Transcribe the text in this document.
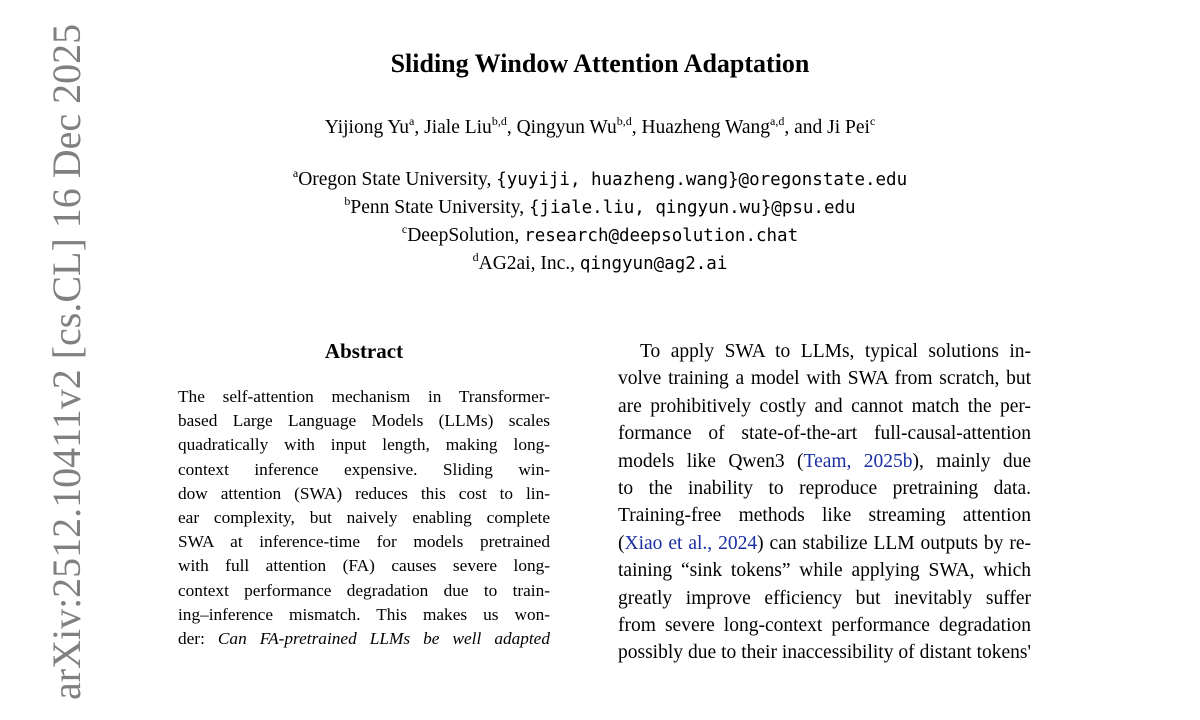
Sliding Window Attention Adaptation
Yijiong Yu$^a$, Jiale Liu$^{b,d}$, Qingyun Wu$^{b,d}$, Huazheng Wang$^{a,d}$, and Ji Pei$^c$
$^a$Oregon State University, {yuyiji, huazheng.wang}@oregonstate.edu
$^b$Penn State University, {jiale.liu, qingyun.wu}@psu.edu
$^c$DeepSolution, research@deepsolution.chat
$^d$AG2ai, Inc., qingyun@ag2.ai
arXiv:2512.10411v2 [cs.CL] 16 Dec 2025	Abstract
The self-attention mechanism in Transformer-
based Large Language Models (LLMs) scales
quadratically with input length, making long-
context inference expensive. Sliding win-
dow attention (SWA) reduces this cost to lin-
ear complexity, but naively enabling complete
SWA at inference-time for models pretrained
with full attention (FA) causes severe long-
context performance degradation due to train-
ing–inference mismatch. This makes us won-
der: Can FA-pretrained LLMs be well adapted
To apply SWA to LLMs, typical solutions in-
volve training a model with SWA from scratch, but
are prohibitively costly and cannot match the per-
formance of state-of-the-art full-causal-attention
models like Qwen3 (Team, 2025b), mainly due
to the inability to reproduce pretraining data.
Training-free methods like streaming attention
(Xiao et al., 2024) can stabilize LLM outputs by re-
taining “sink tokens” while applying SWA, which
greatly improve efficiency but inevitably suffer
from severe long-context performance degradation
possibly due to their inaccessibility of distant tokens'
